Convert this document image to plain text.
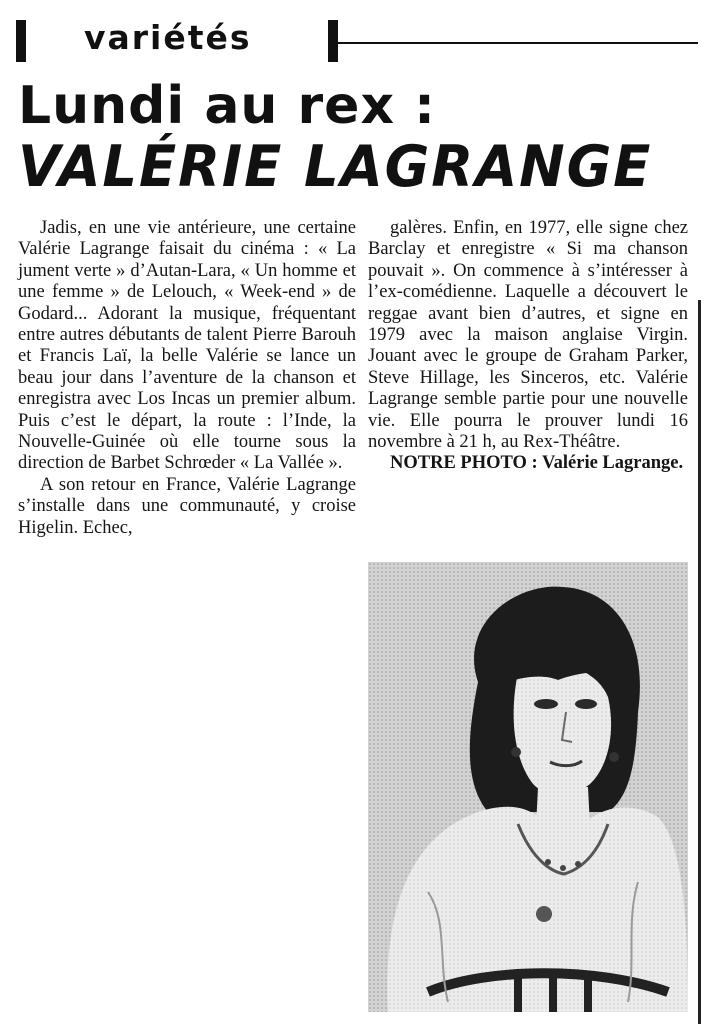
variétés
Lundi au rex :
VALÉRIE LAGRANGE

Jadis, en une vie antérieure, une certaine Valérie Lagrange faisait du cinéma : « La jument verte » d’Autan-Lara, « Un homme et une femme » de Lelouch, « Week-end » de Godard... Adorant la musique, fréquentant entre autres débutants de talent Pierre Barouh et Francis Laï, la belle Valérie se lance un beau jour dans l’aventure de la chanson et enregistra avec Los Incas un premier album. Puis c’est le départ, la route : l’Inde, la Nouvelle-Guinée où elle tourne sous la direction de Barbet Schrœder « La Vallée ».

A son retour en France, Valérie Lagrange s’installe dans une communauté, y croise Higelin. Echec,

galères. Enfin, en 1977, elle signe chez Barclay et enregistre « Si ma chanson pouvait ». On commence à s’intéresser à l’ex-comédienne. Laquelle a découvert le reggae avant bien d’autres, et signe en 1979 avec la maison anglaise Virgin. Jouant avec le groupe de Graham Parker, Steve Hillage, les Sinceros, etc. Valérie Lagrange semble partie pour une nouvelle vie. Elle pourra le prouver lundi 16 novembre à 21 h, au Rex-Théâtre.

NOTRE PHOTO : Valérie Lagrange.
